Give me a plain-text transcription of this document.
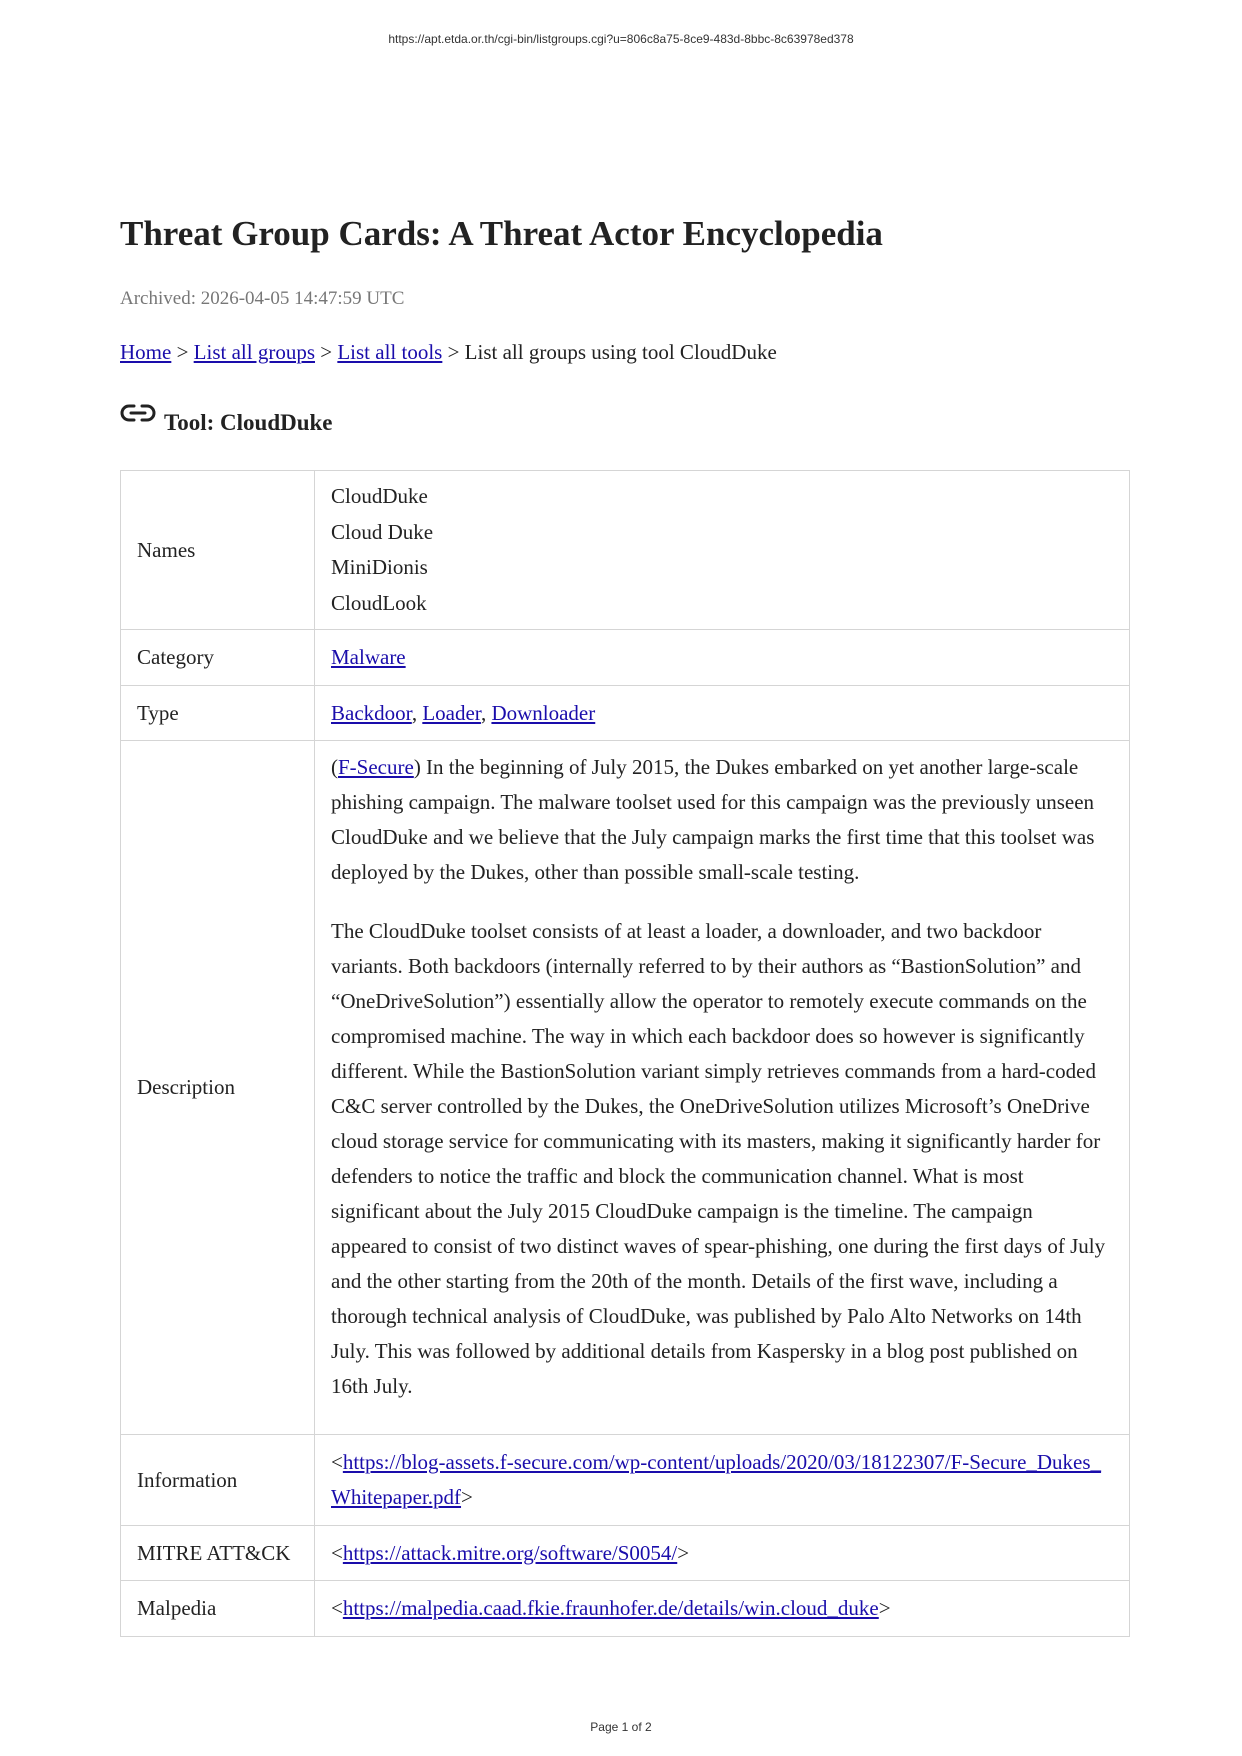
https://apt.etda.or.th/cgi-bin/listgroups.cgi?u=806c8a75-8ce9-483d-8bbc-8c63978ed378
Threat Group Cards: A Threat Actor Encyclopedia
Archived: 2026-04-05 14:47:59 UTC
Home > List all groups > List all tools > List all groups using tool CloudDuke
Tool: CloudDuke
Names	CloudDuke
Cloud Duke
MiniDionis
CloudLook

Category	Malware
Type	Backdoor, Loader, Downloader
Description	(F-Secure) In the beginning of July 2015, the Dukes embarked on yet another large-scale phishing campaign. The malware toolset used for this campaign was the previously unseen CloudDuke and we believe that the July campaign marks the first time that this toolset was deployed by the Dukes, other than possible small-scale testing.

The CloudDuke toolset consists of at least a loader, a downloader, and two backdoor variants. Both backdoors (internally referred to by their authors as “BastionSolution” and “OneDriveSolution”) essentially allow the operator to remotely execute commands on the compromised machine. The way in which each backdoor does so however is significantly different. While the BastionSolution variant simply retrieves commands from a hard-coded C&C server controlled by the Dukes, the OneDriveSolution utilizes Microsoft’s OneDrive cloud storage service for communicating with its masters, making it significantly harder for defenders to notice the traffic and block the communication channel. What is most significant about the July 2015 CloudDuke campaign is the timeline. The campaign appeared to consist of two distinct waves of spear-phishing, one during the first days of July and the other starting from the 20th of the month. Details of the first wave, including a thorough technical analysis of CloudDuke, was published by Palo Alto Networks on 14th July. This was followed by additional details from Kaspersky in a blog post published on 16th July.

Information	<https://blog-assets.f-secure.com/wp-content/uploads/2020/03/18122307/F-Secure_Dukes_Whitepaper.pdf>
MITRE ATT&CK	<https://attack.mitre.org/software/S0054/>
Malpedia	<https://malpedia.caad.fkie.fraunhofer.de/details/win.cloud_duke>
Page 1 of 2
